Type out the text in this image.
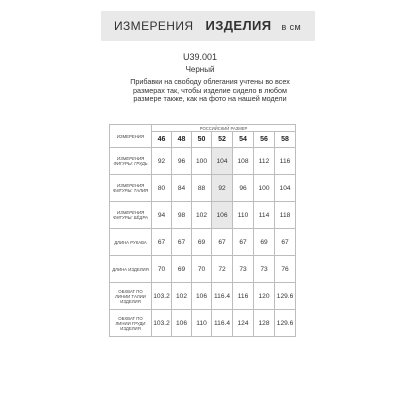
ИЗМЕРЕНИЯ ИЗДЕЛИЯ в см
U39.001
Черный
Прибавки на свободу облегания учтены во всех размерах так, чтобы изделие сидело в любом размере также, как на фото на нашей модели
ИЗМЕРЕНИЯ	РОССИЙСКИЙ РАЗМЕР						
	46	48	50	52	54	56	58
ИЗМЕРЕНИЯ ФИГУРЫ: ГРУДЬ	92	96	100	104	108	112	116
ИЗМЕРЕНИЯ ФИГУРЫ: ТАЛИЯ	80	84	88	92	96	100	104
ИЗМЕРЕНИЯ ФИГУРЫ: БЁДРА	94	98	102	106	110	114	118
ДЛИНА РУКАВА	67	67	69	67	67	69	67
ДЛИНА ИЗДЕЛИЯ	70	69	70	72	73	73	76
ОБХВАТ ПО ЛИНИИ ТАЛИИ ИЗДЕЛИЯ	103.2	102	106	116.4	116	120	129.6
ОБХВАТ ПО ЛИНИИ ГРУДИ ИЗДЕЛИЯ	103.2	106	110	116.4	124	128	129.6
